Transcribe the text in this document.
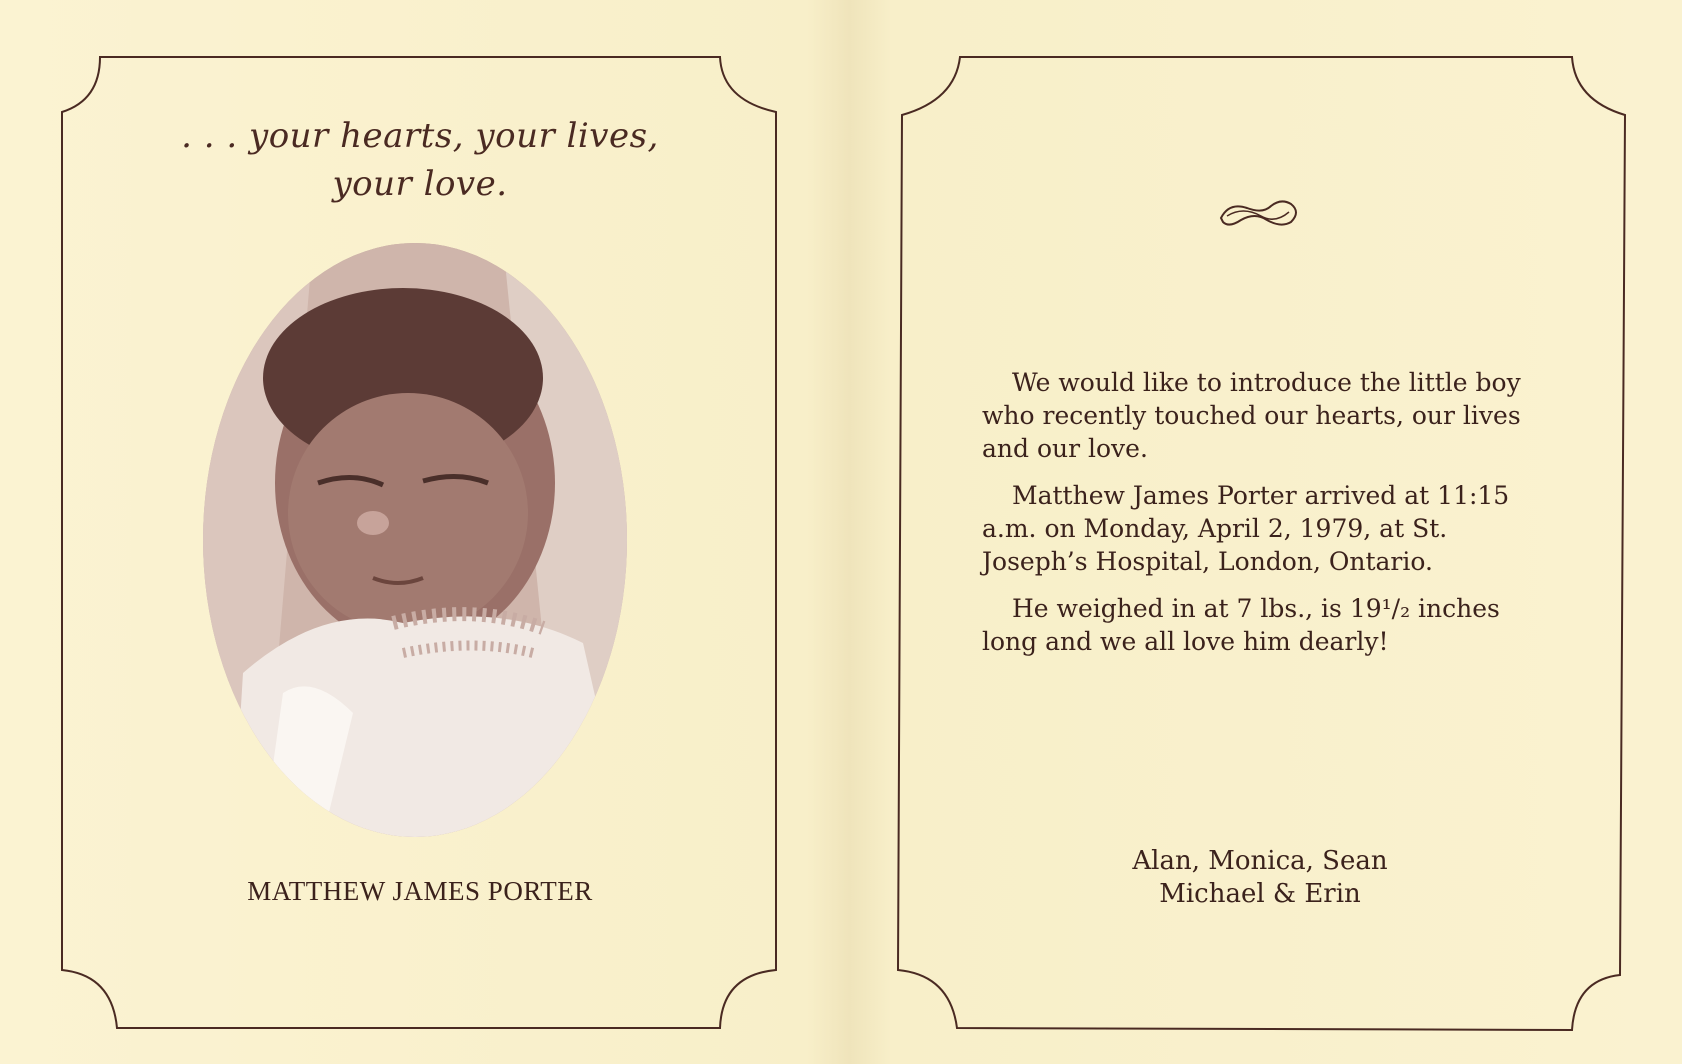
. . . your hearts, your lives,
your love.
MATTHEW JAMES PORTER

We would like to introduce the little boy who recently touched our hearts, our lives and our love.

Matthew James Porter arrived at 11:15 a.m. on Monday, April 2, 1979, at St. Joseph’s Hospital, London, Ontario.

He weighed in at 7 lbs., is 19¹/₂ inches long and we all love him dearly!

Alan, Monica, Sean
Michael & Erin
